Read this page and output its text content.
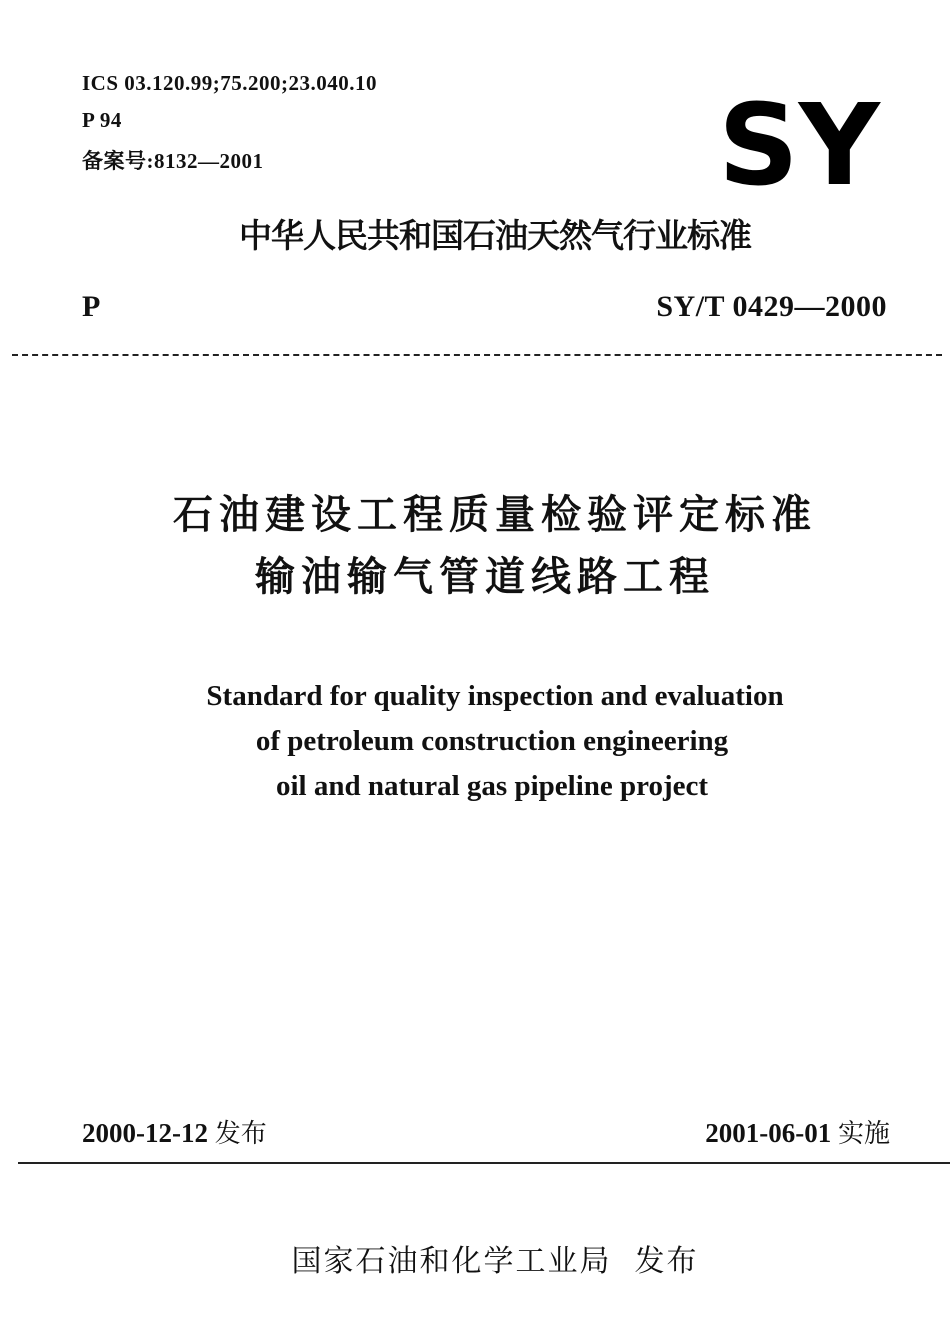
ICS 03.120.99;75.200;23.040.10
P 94
备案号:8132—2001	SY
中华人民共和国石油天然气行业标准
P	SY/T 0429—2000
石油建设工程质量检验评定标准
输油输气管道线路工程
Standard for quality inspection and evaluation
of petroleum construction engineering
oil and natural gas pipeline project
2000-12-12 发布	2001-06-01 实施
国家石油和化学工业局  发布
